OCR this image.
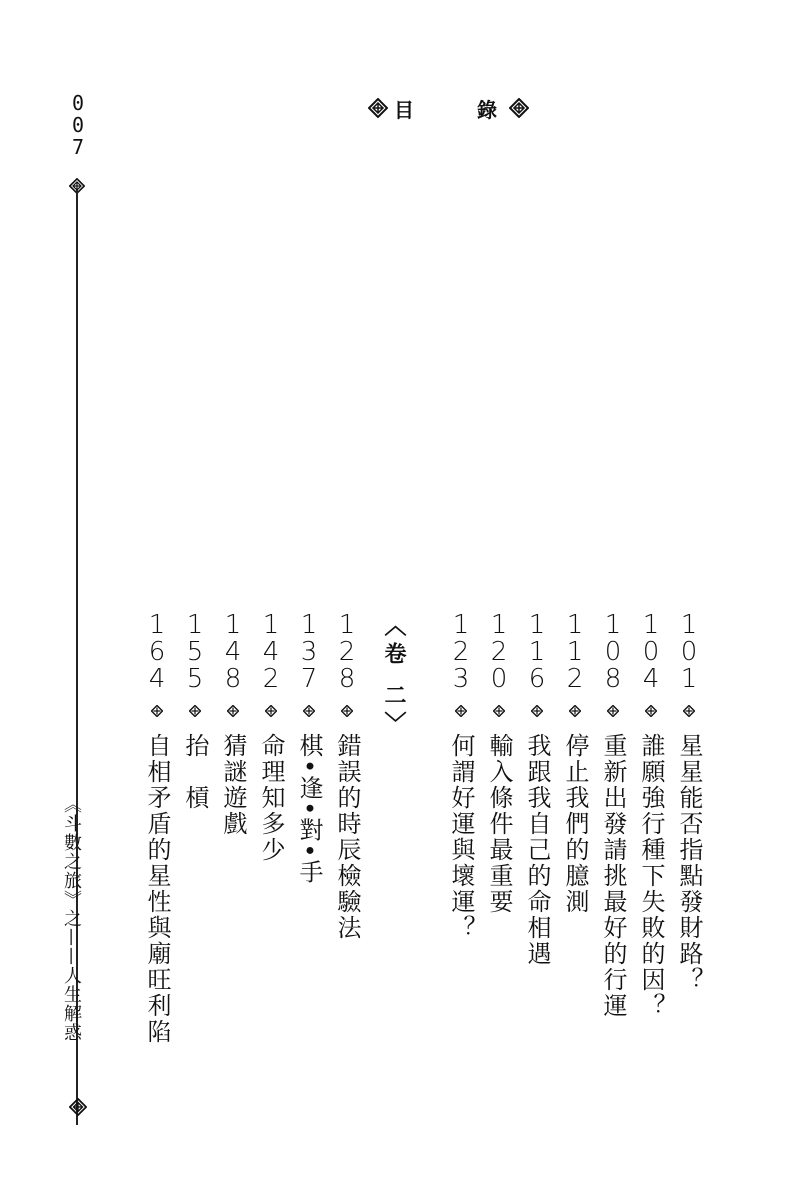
0
0
7
《斗數之旅》之——人生解惑
目 錄
1
0
1
星星能否指點發財路？
1
0
4
誰願強行種下失敗的因？
1
0
8
重新出發請挑最好的行運
1
1
2
停止我們的臆測
1
1
6
我跟我自己的命相遇
1
2
0
輸入條件最重要
1
2
3
何謂好運與壞運？
〈卷 二〉
1
2
8
錯誤的時辰檢驗法
1
3
7
棋•逢•對•手
1
4
2
命理知多少
1
4
8
猜謎遊戲
1
5
5
抬　槓
1
6
4
自相矛盾的星性與廟旺利陷
